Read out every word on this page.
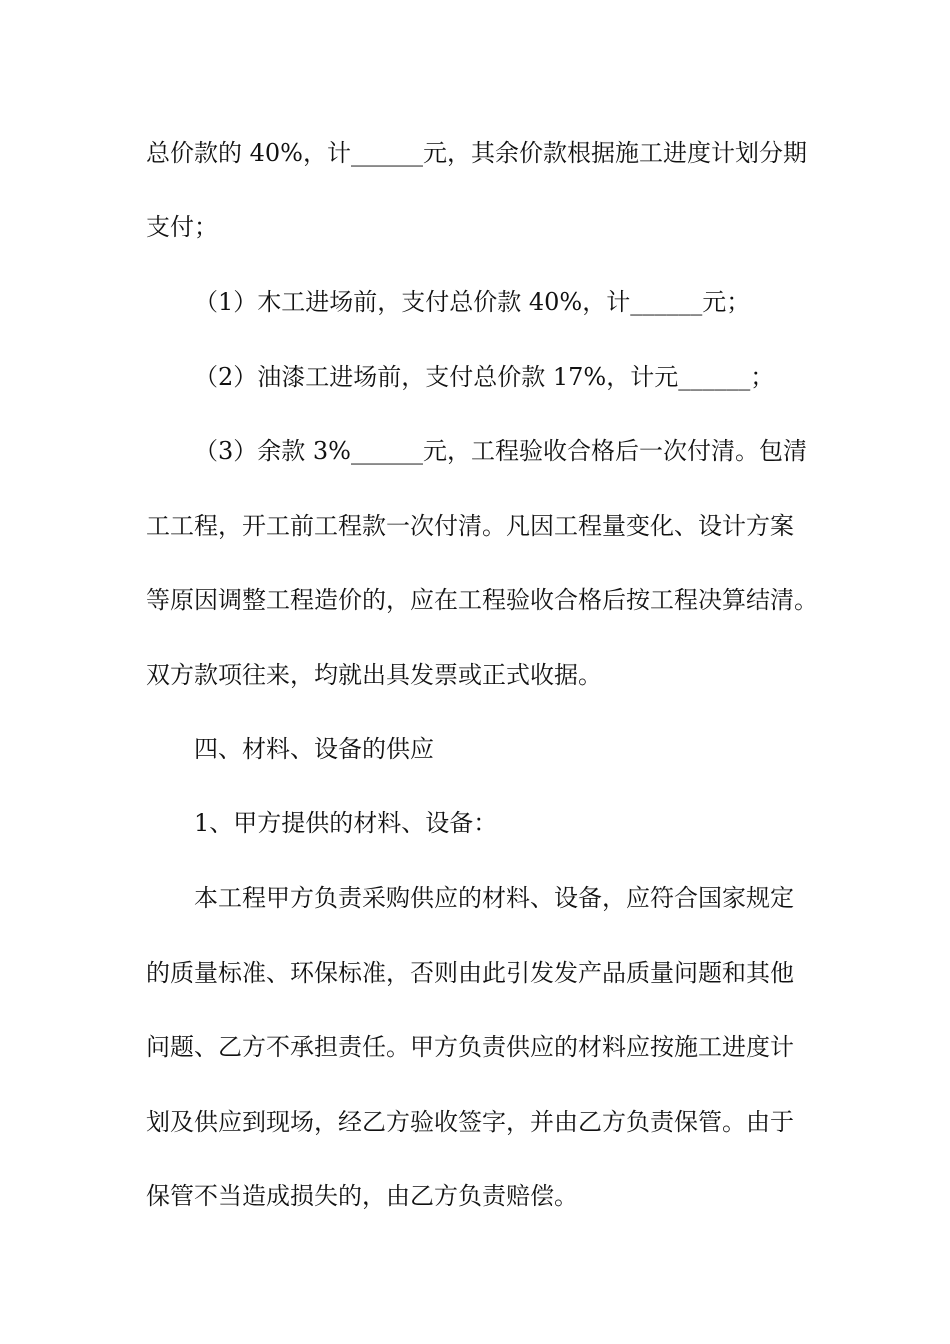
总价款的 40%，计______元，其余价款根据施工进度计划分期
支付；
（1）木工进场前，支付总价款 40%，计______元；
（2）油漆工进场前，支付总价款 17%，计元______；
（3）余款 3%______元，工程验收合格后一次付清。包清
工工程，开工前工程款一次付清。凡因工程量变化、设计方案
等原因调整工程造价的，应在工程验收合格后按工程决算结清。
双方款项往来，均就出具发票或正式收据。
四、材料、设备的供应
1、甲方提供的材料、设备：
本工程甲方负责采购供应的材料、设备，应符合国家规定
的质量标准、环保标准，否则由此引发发产品质量问题和其他
问题、乙方不承担责任。甲方负责供应的材料应按施工进度计
划及供应到现场，经乙方验收签字，并由乙方负责保管。由于
保管不当造成损失的，由乙方负责赔偿。
